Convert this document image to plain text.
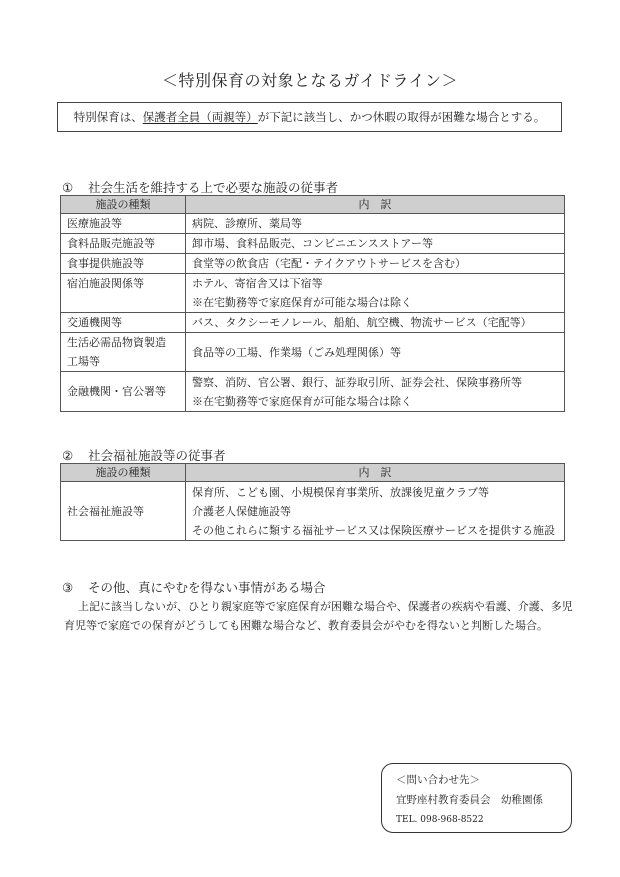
＜特別保育の対象となるガイドライン＞
特別保育は、保護者全員（両親等）が下記に該当し、かつ休暇の取得が困難な場合とする。
① 社会生活を維持する上で必要な施設の従事者
施設の種類	内　訳

医療施設等	病院、診療所、薬局等

食料品販売施設等	卸市場、食料品販売、コンビニエンスストアー等

食事提供施設等	食堂等の飲食店（宅配・テイクアウトサービスを含む）

宿泊施設関係等	ホテル、寄宿舎又は下宿等
※在宅勤務等で家庭保育が可能な場合は除く

交通機関等	バス、タクシーモノレール、船舶、航空機、物流サービス（宅配等）

生活必需品物資製造
工場等	食品等の工場、作業場（ごみ処理関係）等

金融機関・官公署等	警察、消防、官公署、銀行、証券取引所、証券会社、保険事務所等
※在宅勤務等で家庭保育が可能な場合は除く
② 社会福祉施設等の従事者
施設の種類	内　訳

社会福祉施設等	保育所、こども園、小規模保育事業所、放課後児童クラブ等
介護老人保健施設等
その他これらに類する福祉サービス又は保険医療サービスを提供する施設
③ その他、真にやむを得ない事情がある場合
上記に該当しないが、ひとり親家庭等で家庭保育が困難な場合や、保護者の疾病や看護、介護、多児
育児等で家庭での保育がどうしても困難な場合など、教育委員会がやむを得ないと判断した場合。
＜問い合わせ先＞
宜野座村教育委員会　幼稚園係
TEL. 098-968-8522
